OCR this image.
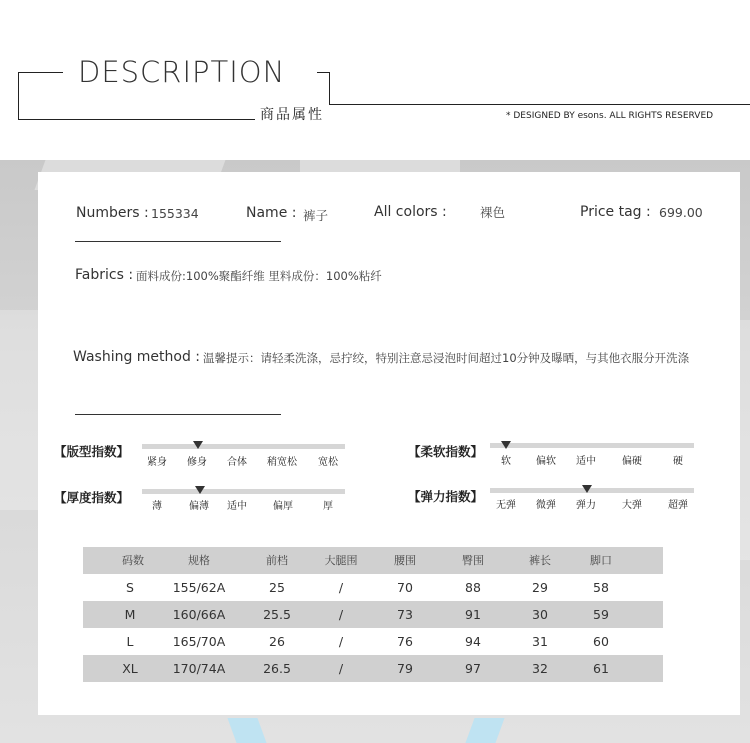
DESCRIPTION
商品属性	* DESIGNED BY esons. ALL RIGHTS RESERVED
Numbers : 155334	Name : 裤子	All colors :	裸色	Price tag : 699.00
Fabrics : 面料成份:100%聚酯纤维 里料成份：100%粘纤
Washing method : 温馨提示：请轻柔洗涤，忌拧绞，特别注意忌浸泡时间超过10分钟及曝晒，与其他衣服分开洗涤
【版型指数】
紧身 修身 合体 稍宽松 宽松
【厚度指数】
薄	偏薄 适中	偏厚	厚
【柔软指数】
软	偏软 适中	偏硬	硬
【弹力指数】
无弹 微弹 弹力	大弹	超弹
码数	规格	前档	大腿围	腰围	臀围	裤长	脚口
S	155/62A	25	/	70	88	29	58
M	160/66A	25.5	/	73	91	30	59
L	165/70A	26	/	76	94	31	60
XL	170/74A	26.5	/	79	97	32	61
